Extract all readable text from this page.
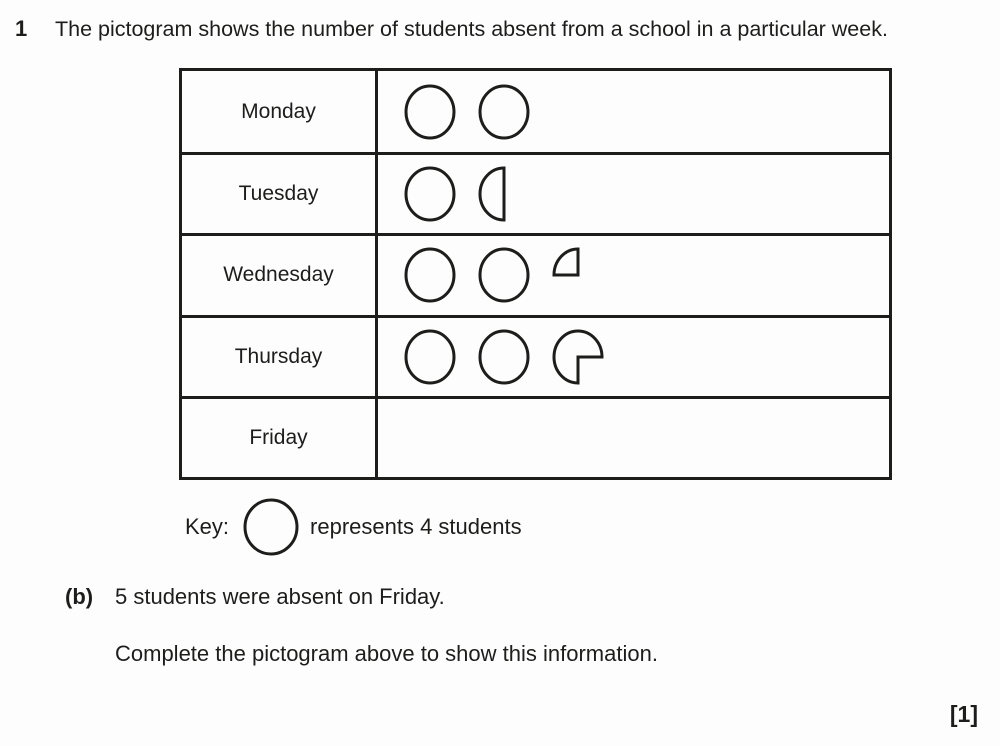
1 The pictogram shows the number of students absent from a school in a particular week.
Monday
Tuesday
Wednesday
Thursday
Friday
Key:	represents 4 students
(b) 5 students were absent on Friday.
Complete the pictogram above to show this information.
[1]
